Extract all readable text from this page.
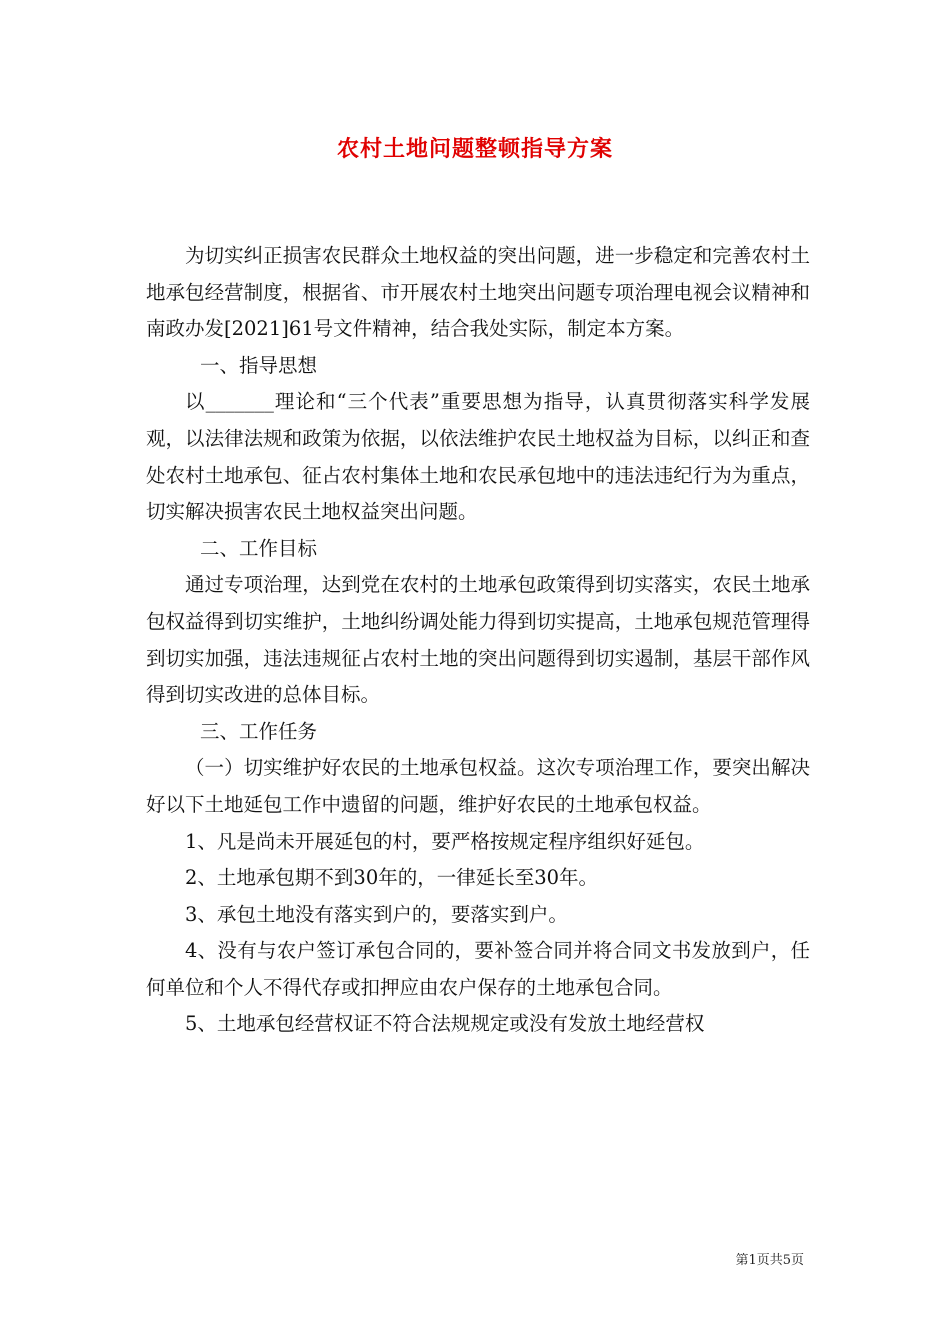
农村土地问题整顿指导方案

为切实纠正损害农民群众土地权益的突出问题，进一步稳定和完善农村土地承包经营制度，根据省、市开展农村土地突出问题专项治理电视会议精神和南政办发[2021]61号文件精神，结合我处实际，制定本方案。

一、指导思想

以_______理论和“三个代表”重要思想为指导，认真贯彻落实科学发展观，以法律法规和政策为依据，以依法维护农民土地权益为目标，以纠正和查处农村土地承包、征占农村集体土地和农民承包地中的违法违纪行为为重点，切实解决损害农民土地权益突出问题。

二、工作目标

通过专项治理，达到党在农村的土地承包政策得到切实落实，农民土地承包权益得到切实维护，土地纠纷调处能力得到切实提高，土地承包规范管理得到切实加强，违法违规征占农村土地的突出问题得到切实遏制，基层干部作风得到切实改进的总体目标。

三、工作任务

（一）切实维护好农民的土地承包权益。这次专项治理工作，要突出解决好以下土地延包工作中遗留的问题，维护好农民的土地承包权益。

1、凡是尚未开展延包的村，要严格按规定程序组织好延包。

2、土地承包期不到30年的，一律延长至30年。

3、承包土地没有落实到户的，要落实到户。

4、没有与农户签订承包合同的，要补签合同并将合同文书发放到户，任何单位和个人不得代存或扣押应由农户保存的土地承包合同。

5、土地承包经营权证不符合法规规定或没有发放土地经营权

第1页共5页
